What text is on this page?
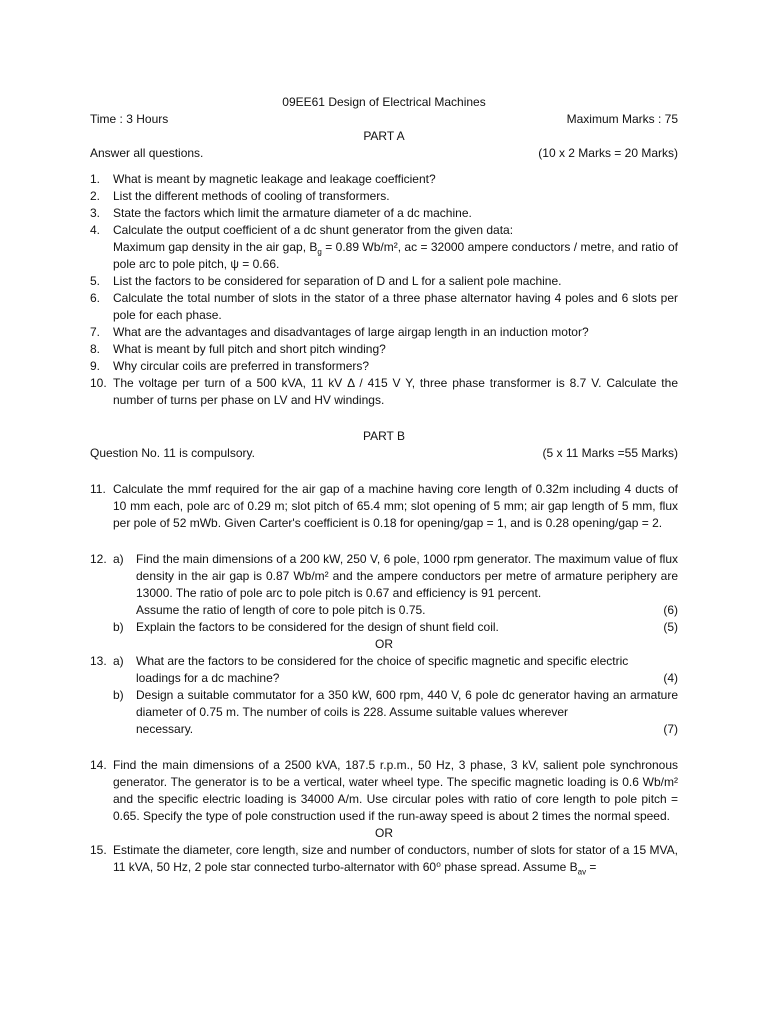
09EE61 Design of Electrical Machines
Time : 3 Hours	Maximum Marks : 75
PART A
Answer all questions.	(10 x 2 Marks = 20 Marks)
1.	What is meant by magnetic leakage and leakage coefficient?
2.	List the different methods of cooling of transformers.
3.	State the factors which limit the armature diameter of a dc machine.
4.	Calculate the output coefficient of a dc shunt generator from the given data:
Maximum gap density in the air gap, $B_g = 0.89$ Wb/m², ac = 32000 ampere conductors / metre, and ratio of pole arc to pole pitch, ψ = 0.66.
5.	List the factors to be considered for separation of D and L for a salient pole machine.
6.	Calculate the total number of slots in the stator of a three phase alternator having 4 poles and 6 slots per pole for each phase.
7.	What are the advantages and disadvantages of large airgap length in an induction motor?
8.	What is meant by full pitch and short pitch winding?
9.	Why circular coils are preferred in transformers?
10. The voltage per turn of a 500 kVA, 11 kV Δ / 415 V Y, three phase transformer is 8.7 V. Calculate the number of turns per phase on LV and HV windings.
PART B
Question No. 11 is compulsory.	(5 x 11 Marks =55 Marks)
11. Calculate the mmf required for the air gap of a machine having core length of 0.32m including 4 ducts of 10 mm each, pole arc of 0.29 m; slot pitch of 65.4 mm; slot opening of 5 mm; air gap length of 5 mm, flux per pole of 52 mWb. Given Carter's coefficient is 0.18 for opening/gap = 1, and is 0.28 opening/gap = 2.
12. a)	Find the main dimensions of a 200 kW, 250 V, 6 pole, 1000 rpm generator. The maximum value of flux density in the air gap is 0.87 Wb/m² and the ampere conductors per metre of armature periphery are 13000. The ratio of pole arc to pole pitch is 0.67 and efficiency is 91 percent.
Assume the ratio of length of core to pole pitch is 0.75.	(6)
b)	Explain the factors to be considered for the design of shunt field coil.	(5)
OR
13. a)	What are the factors to be considered for the choice of specific magnetic and specific electric
loadings for a dc machine?	(4)
b)	Design a suitable commutator for a 350 kW, 600 rpm, 440 V, 6 pole dc generator having an armature diameter of 0.75 m. The number of coils is 228. Assume suitable values wherever
necessary.	(7)
14. Find the main dimensions of a 2500 kVA, 187.5 r.p.m., 50 Hz, 3 phase, 3 kV, salient pole synchronous generator. The generator is to be a vertical, water wheel type. The specific magnetic loading is 0.6 Wb/m² and the specific electric loading is 34000 A/m. Use circular poles with ratio of core length to pole pitch = 0.65. Specify the type of pole construction used if the run-away speed is about 2 times the normal speed.
OR
15. Estimate the diameter, core length, size and number of conductors, number of slots for stator of a 15 MVA, 11 kVA, 50 Hz, 2 pole star connected turbo-alternator with 60⁰ phase spread. Assume $B_{av}$ =
